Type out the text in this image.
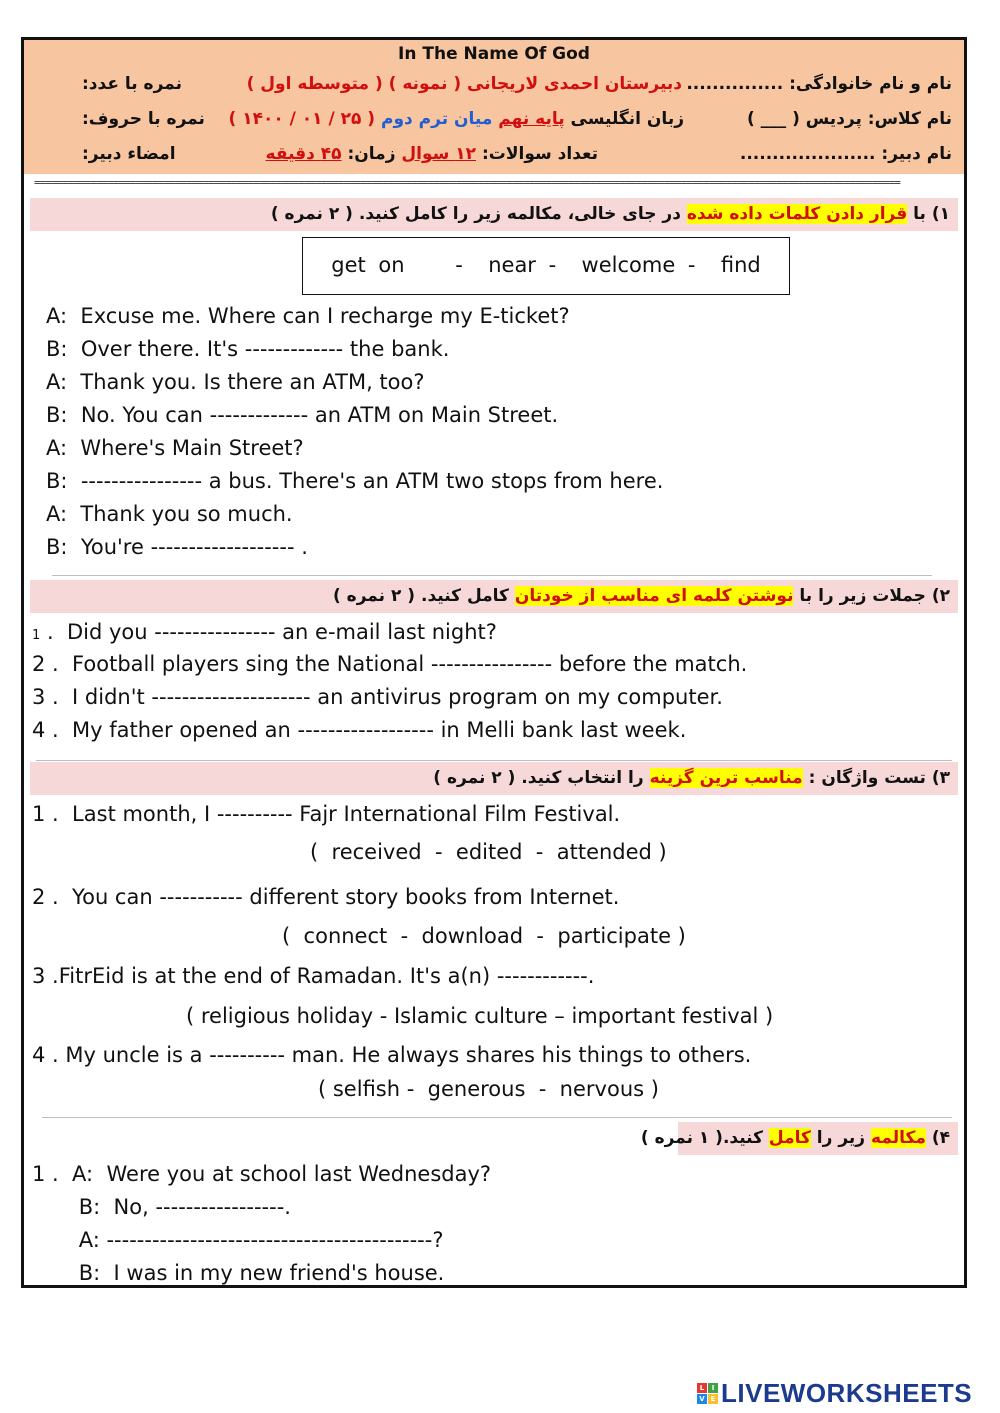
In The Name Of God
نام و نام خانوادگی: ...............
دبیرستان احمدی لاریجانی ( نمونه ) ( متوسطه اول )
نمره با عدد:
نام کلاس: پردیس ( ___ )
زبان انگلیسی پایه نهم میان ترم دوم ( ۲۵ / ۰۱ / ۱۴۰۰ )
نمره با حروف:
نام دبیر: .....................
تعداد سوالات: ۱۲ سوال زمان: ۴۵ دقیقه
امضاء دبیر:
==========================================================================================================================================================
۱) با قرار دادن کلمات داده شده در جای خالی، مکالمه زیر را کامل کنید. ( ۲ نمره )
get on    -  near -  welcome -  find
A:  Excuse me. Where can I recharge my E-ticket?
B:  Over there. It's ------------- the bank.
A:  Thank you. Is there an ATM, too?
B:  No. You can ------------- an ATM on Main Street.
A:  Where's Main Street?
B:  ---------------- a bus. There's an ATM two stops from here.
A:  Thank you so much.
B:  You're ------------------- .
۲) جملات زیر را با نوشتن کلمه ای مناسب از خودتان کامل کنید. ( ۲ نمره )
1 .  Did you ---------------- an e-mail last night?
2 .  Football players sing the National ---------------- before the match.
3 .  I didn't --------------------- an antivirus program on my computer.
4 .  My father opened an ------------------ in Melli bank last week.
۳) تست واژگان : مناسب ترین گزینه را انتخاب کنید. ( ۲ نمره )
1 .  Last month, I ---------- Fajr International Film Festival.
(  received  -  edited  -  attended )
2 .  You can ----------- different story books from Internet.
(  connect  -  download  -  participate )
3 .FitrEid is at the end of Ramadan. It's a(n) ------------.
( religious holiday - Islamic culture – important festival )
4 . My uncle is a ---------- man. He always shares his things to others.
( selfish -  generous  -  nervous )
۴) مکالمه زیر را کامل کنید.( ۱ نمره )
1 .  A:  Were you at school last Wednesday?
B:  No, -----------------.
A: -------------------------------------------?
B:  I was in my new friend's house.
L	I
V E LIVEWORKSHEETS
